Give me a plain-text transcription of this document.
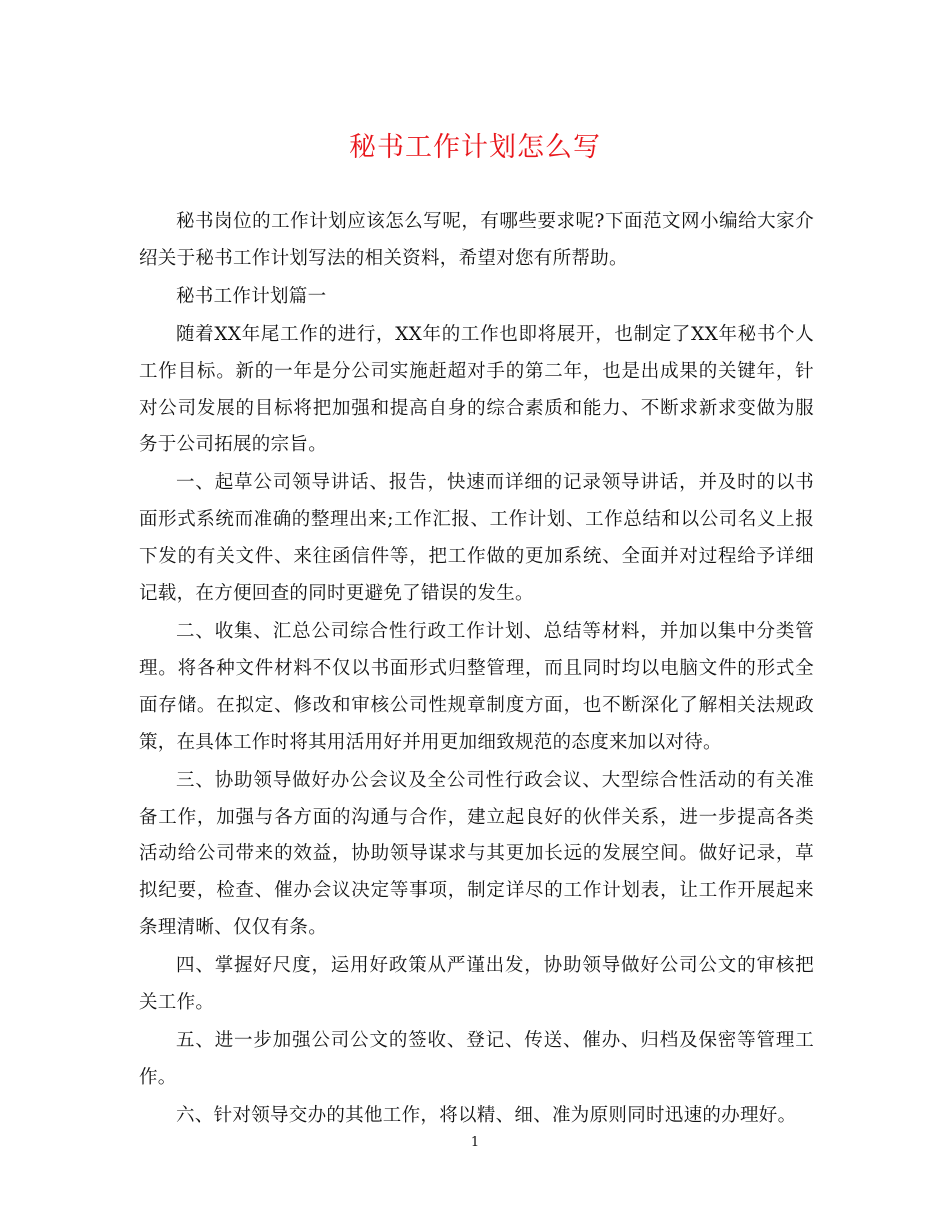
秘书工作计划怎么写

秘书岗位的工作计划应该怎么写呢，有哪些要求呢?下面范文网小编给大家介绍关于秘书工作计划写法的相关资料，希望对您有所帮助。

秘书工作计划篇一

随着XX年尾工作的进行，XX年的工作也即将展开，也制定了XX年秘书个人工作目标。新的一年是分公司实施赶超对手的第二年，也是出成果的关键年，针对公司发展的目标将把加强和提高自身的综合素质和能力、不断求新求变做为服务于公司拓展的宗旨。

一、起草公司领导讲话、报告，快速而详细的记录领导讲话，并及时的以书面形式系统而准确的整理出来;工作汇报、工作计划、工作总结和以公司名义上报下发的有关文件、来往函信件等，把工作做的更加系统、全面并对过程给予详细记载，在方便回查的同时更避免了错误的发生。

二、收集、汇总公司综合性行政工作计划、总结等材料，并加以集中分类管理。将各种文件材料不仅以书面形式归整管理，而且同时均以电脑文件的形式全面存储。在拟定、修改和审核公司性规章制度方面，也不断深化了解相关法规政策，在具体工作时将其用活用好并用更加细致规范的态度来加以对待。

三、协助领导做好办公会议及全公司性行政会议、大型综合性活动的有关准备工作，加强与各方面的沟通与合作，建立起良好的伙伴关系，进一步提高各类活动给公司带来的效益，协助领导谋求与其更加长远的发展空间。做好记录，草拟纪要，检查、催办会议决定等事项，制定详尽的工作计划表，让工作开展起来条理清晰、仅仅有条。

四、掌握好尺度，运用好政策从严谨出发，协助领导做好公司公文的审核把关工作。

五、进一步加强公司公文的签收、登记、传送、催办、归档及保密等管理工作。

六、针对领导交办的其他工作，将以精、细、准为原则同时迅速的办理好。

1
